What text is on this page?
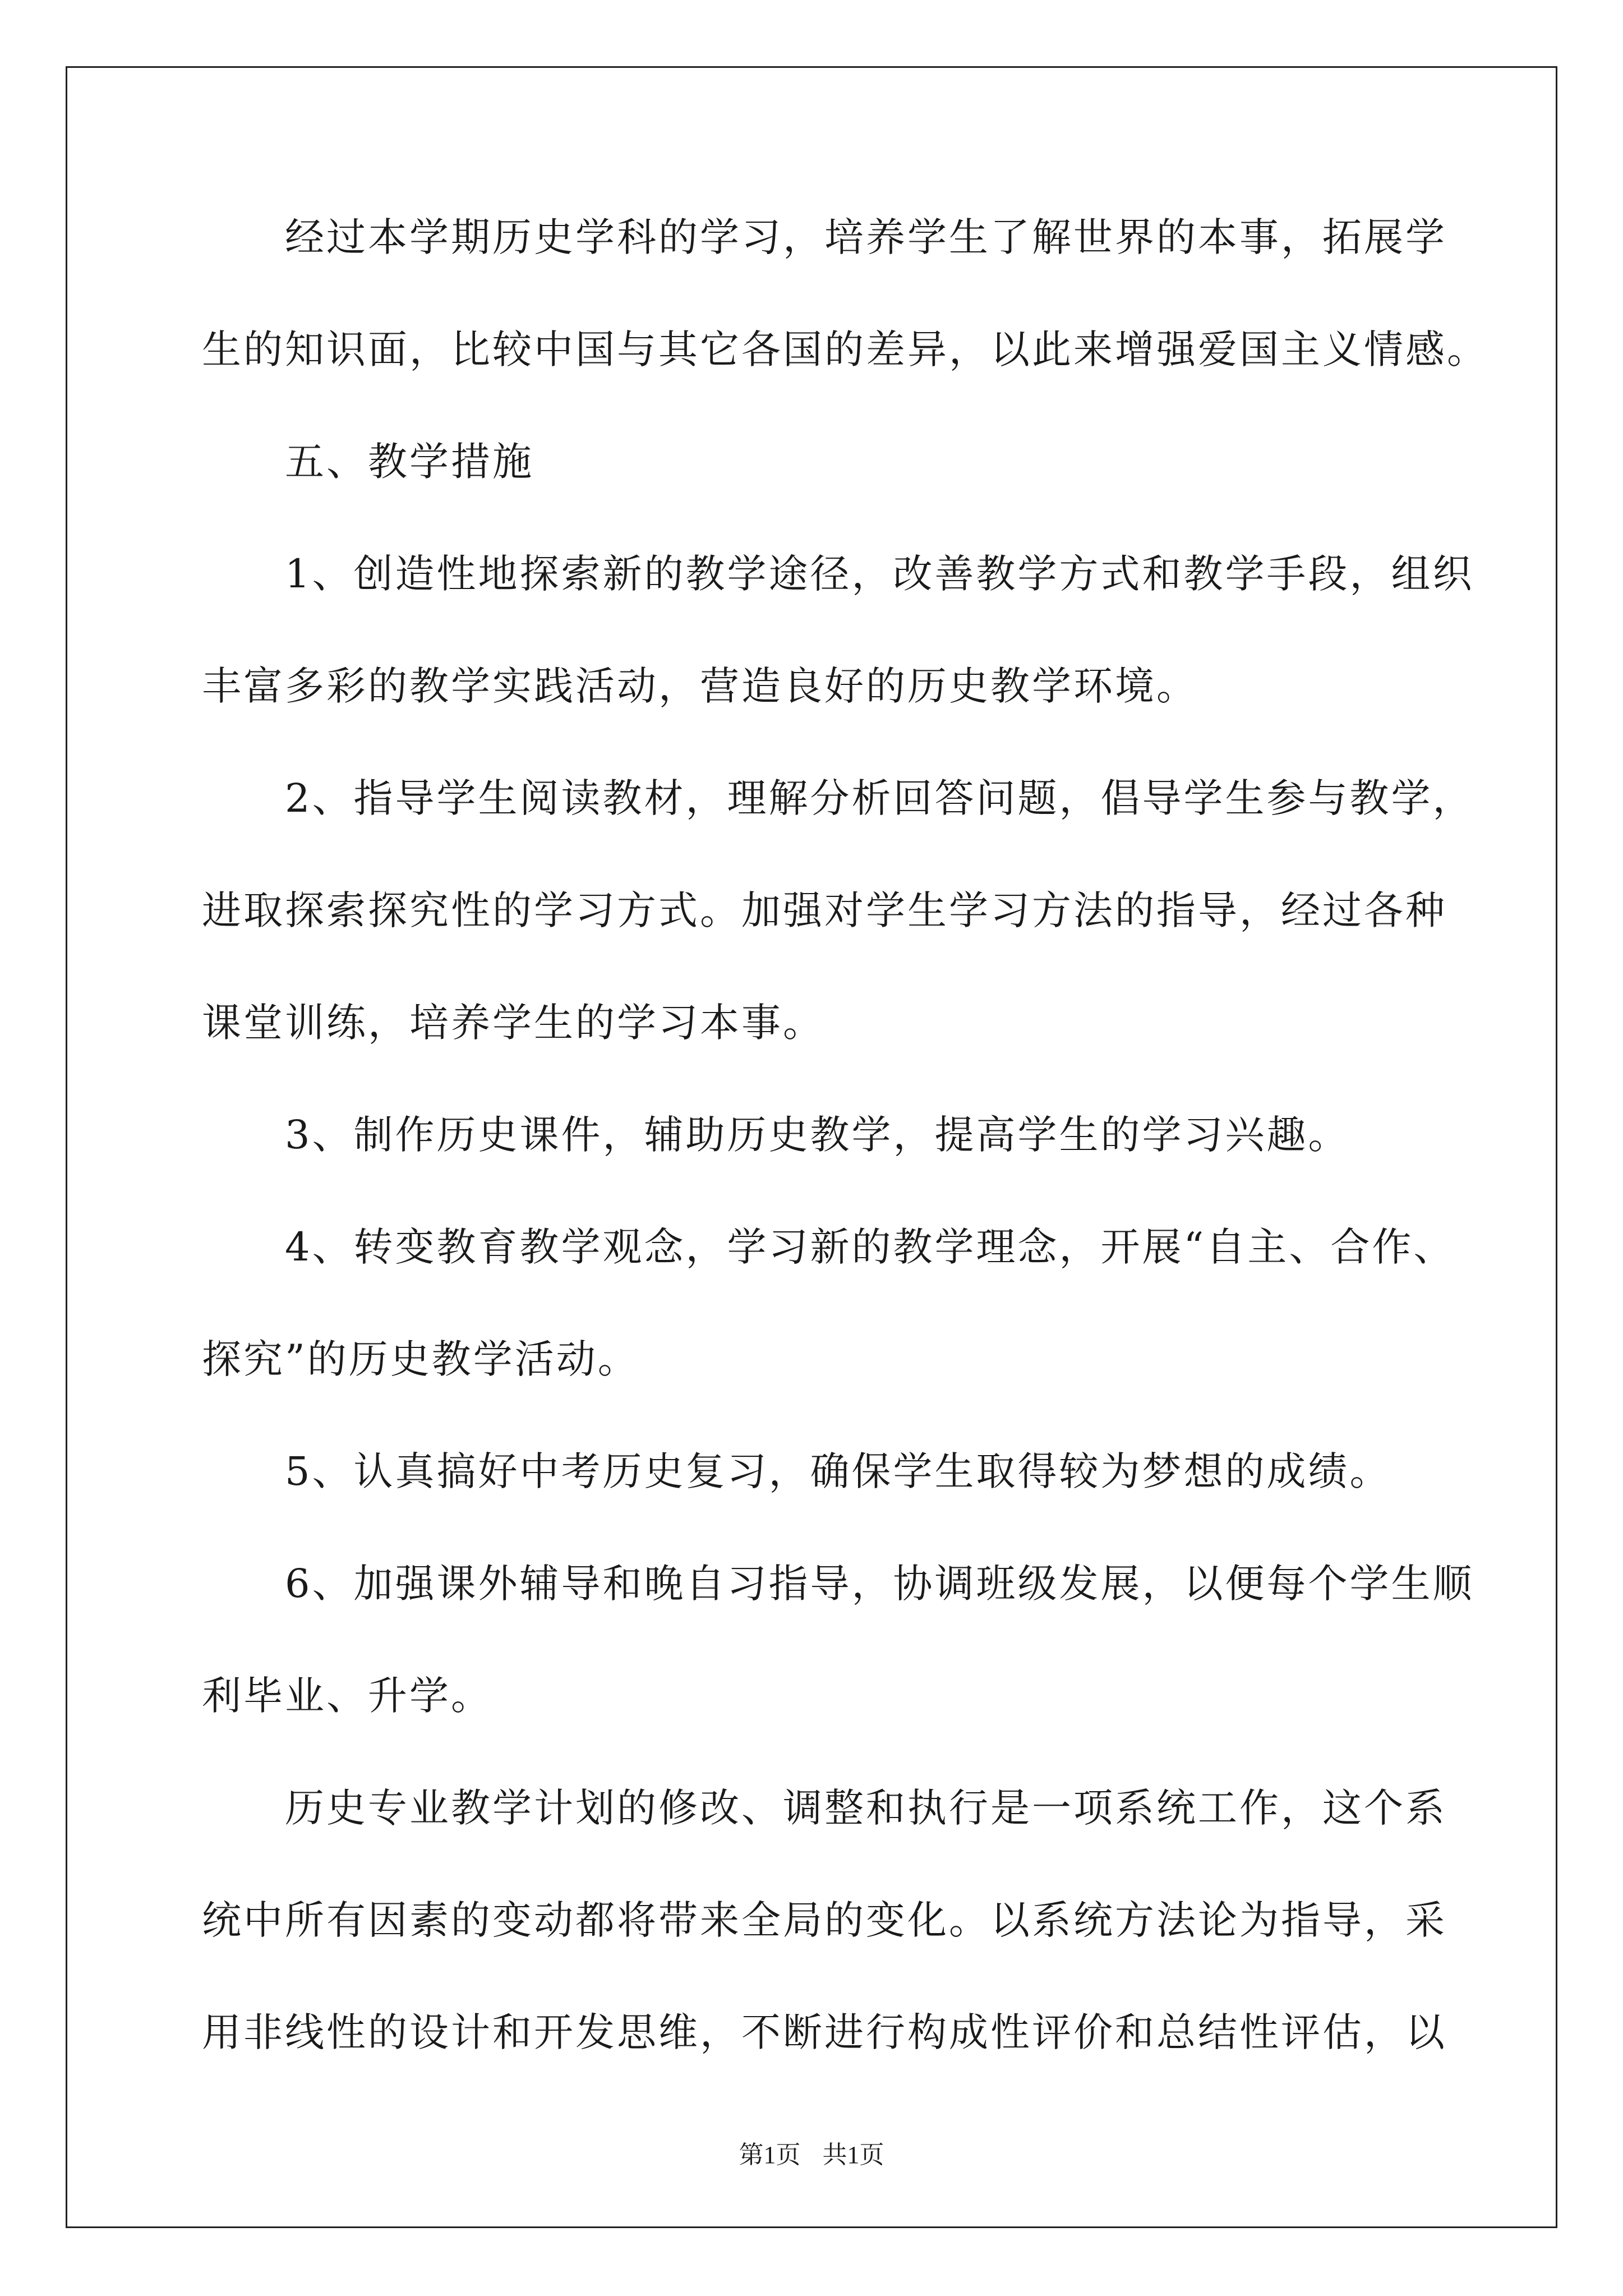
　　经过本学期历史学科的学习，培养学生了解世界的本事，拓展学
生的知识面，比较中国与其它各国的差异，以此来增强爱国主义情感。
　　五、教学措施
　　1、创造性地探索新的教学途径，改善教学方式和教学手段，组织
丰富多彩的教学实践活动，营造良好的历史教学环境。
　　2、指导学生阅读教材，理解分析回答问题，倡导学生参与教学，
进取探索探究性的学习方式。加强对学生学习方法的指导，经过各种
课堂训练，培养学生的学习本事。
　　3、制作历史课件，辅助历史教学，提高学生的学习兴趣。
　　4、转变教育教学观念，学习新的教学理念，开展“自主、合作、
探究”的历史教学活动。
　　5、认真搞好中考历史复习，确保学生取得较为梦想的成绩。
　　6、加强课外辅导和晚自习指导，协调班级发展，以便每个学生顺
利毕业、升学。
　　历史专业教学计划的修改、调整和执行是一项系统工作，这个系
统中所有因素的变动都将带来全局的变化。以系统方法论为指导，采
用非线性的设计和开发思维，不断进行构成性评价和总结性评估，以
第1页 共1页
